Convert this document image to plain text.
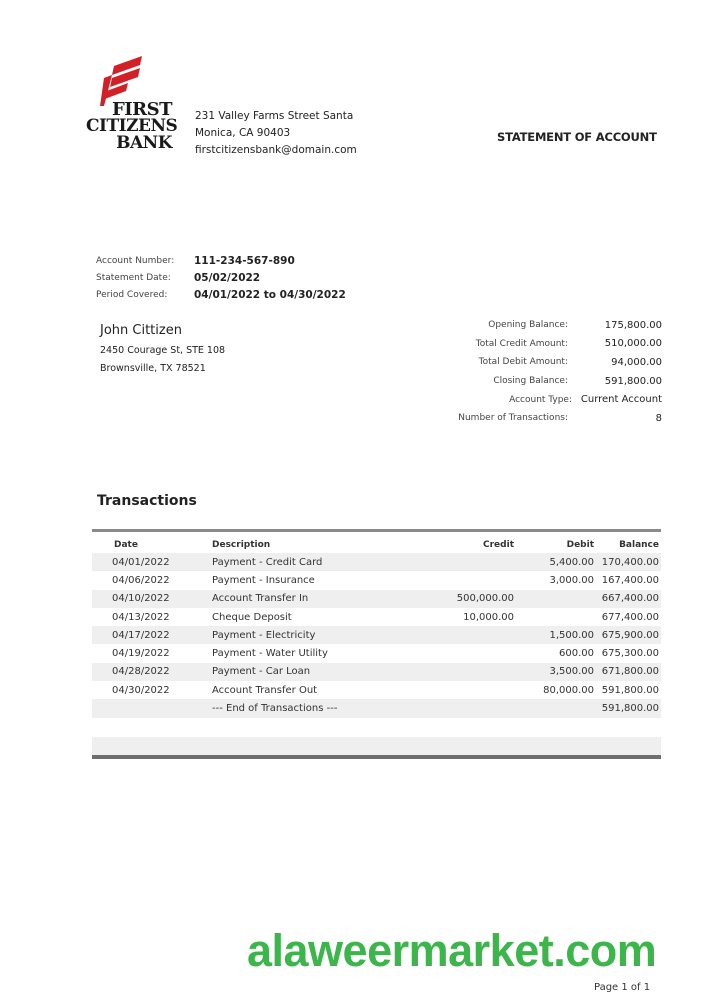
FIRST
CITIZENS
BANK
231 Valley Farms Street Santa
Monica, CA 90403
firstcitizensbank@domain.com
STATEMENT OF ACCOUNT
Account Number:	111-234-567-890
Statement Date:	05/02/2022
Period Covered:	04/01/2022 to 04/30/2022
John Cittizen
2450 Courage St, STE 108
Brownsville, TX 78521
Opening Balance:	175,800.00
Total Credit Amount:	510,000.00
Total Debit Amount:	94,000.00
Closing Balance:	591,800.00
Account Type: Current Account
Number of Transactions:	8
Transactions
Date	Description	Credit	Debit	Balance
04/01/2022	Payment - Credit Card		5,400.00	170,400.00
04/06/2022	Payment - Insurance		3,000.00	167,400.00
04/10/2022	Account Transfer In	500,000.00		667,400.00
04/13/2022	Cheque Deposit	10,000.00		677,400.00
04/17/2022	Payment - Electricity		1,500.00	675,900.00
04/19/2022	Payment - Water Utility		600.00	675,300.00
04/28/2022	Payment - Car Loan		3,500.00	671,800.00
04/30/2022	Account Transfer Out		80,000.00	591,800.00
	--- End of Transactions ---			591,800.00
alaweermarket.com
Page 1 of 1
